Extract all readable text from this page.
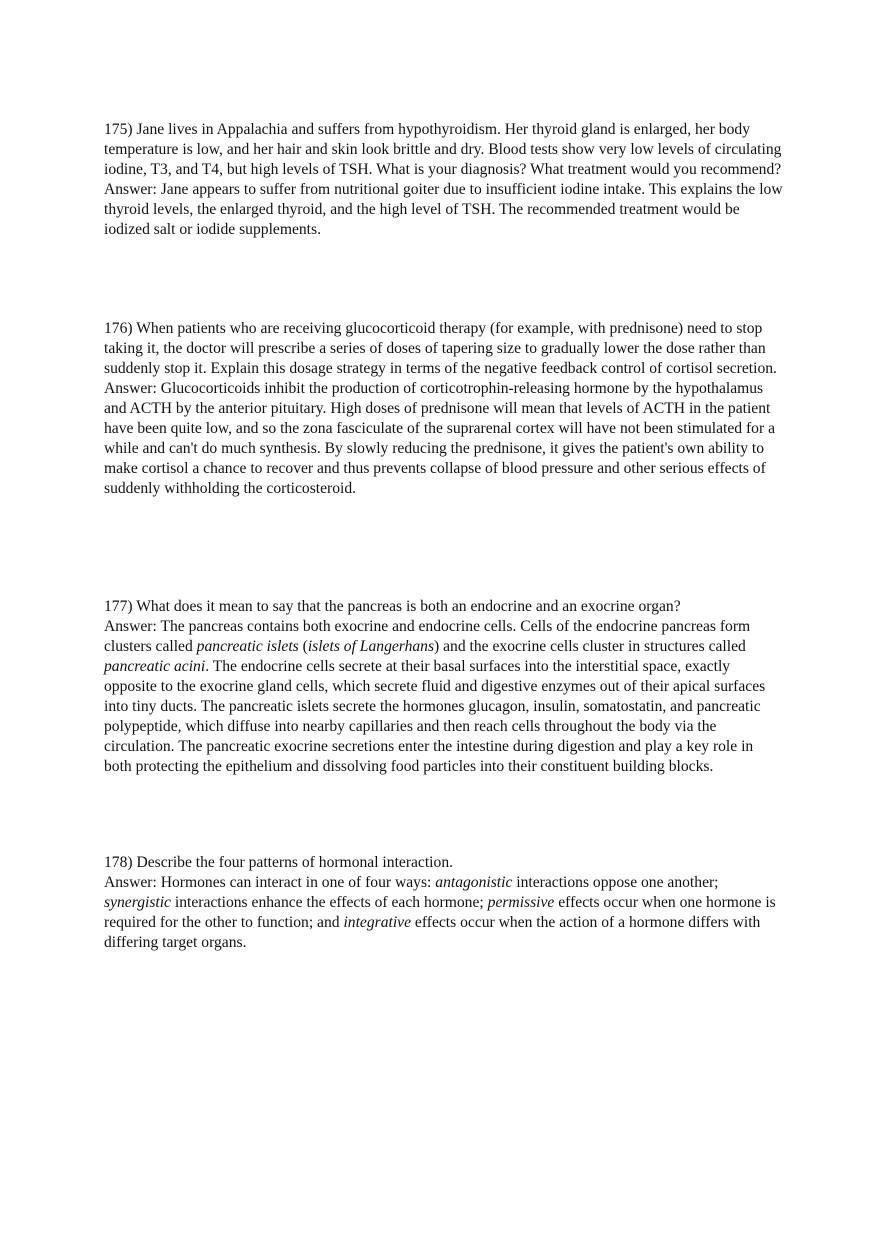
175) Jane lives in Appalachia and suffers from hypothyroidism. Her thyroid gland is enlarged, her body temperature is low, and her hair and skin look brittle and dry. Blood tests show very low levels of circulating iodine, T3, and T4, but high levels of TSH. What is your diagnosis? What treatment would you recommend?

Answer: Jane appears to suffer from nutritional goiter due to insufficient iodine intake. This explains the low thyroid levels, the enlarged thyroid, and the high level of TSH. The recommended treatment would be iodized salt or iodide supplements.

176) When patients who are receiving glucocorticoid therapy (for example, with prednisone) need to stop taking it, the doctor will prescribe a series of doses of tapering size to gradually lower the dose rather than suddenly stop it. Explain this dosage strategy in terms of the negative feedback control of cortisol secretion.

Answer: Glucocorticoids inhibit the production of corticotrophin-releasing hormone by the hypothalamus and ACTH by the anterior pituitary. High doses of prednisone will mean that levels of ACTH in the patient have been quite low, and so the zona fasciculate of the suprarenal cortex will have not been stimulated for a while and can't do much synthesis. By slowly reducing the prednisone, it gives the patient's own ability to make cortisol a chance to recover and thus prevents collapse of blood pressure and other serious effects of suddenly withholding the corticosteroid.

177) What does it mean to say that the pancreas is both an endocrine and an exocrine organ?

Answer: The pancreas contains both exocrine and endocrine cells. Cells of the endocrine pancreas form clusters called pancreatic islets (islets of Langerhans) and the exocrine cells cluster in structures called pancreatic acini. The endocrine cells secrete at their basal surfaces into the interstitial space, exactly opposite to the exocrine gland cells, which secrete fluid and digestive enzymes out of their apical surfaces into tiny ducts. The pancreatic islets secrete the hormones glucagon, insulin, somatostatin, and pancreatic polypeptide, which diffuse into nearby capillaries and then reach cells throughout the body via the circulation. The pancreatic exocrine secretions enter the intestine during digestion and play a key role in both protecting the epithelium and dissolving food particles into their constituent building blocks.

178) Describe the four patterns of hormonal interaction.

Answer: Hormones can interact in one of four ways: antagonistic interactions oppose one another; synergistic interactions enhance the effects of each hormone; permissive effects occur when one hormone is required for the other to function; and integrative effects occur when the action of a hormone differs with differing target organs.
